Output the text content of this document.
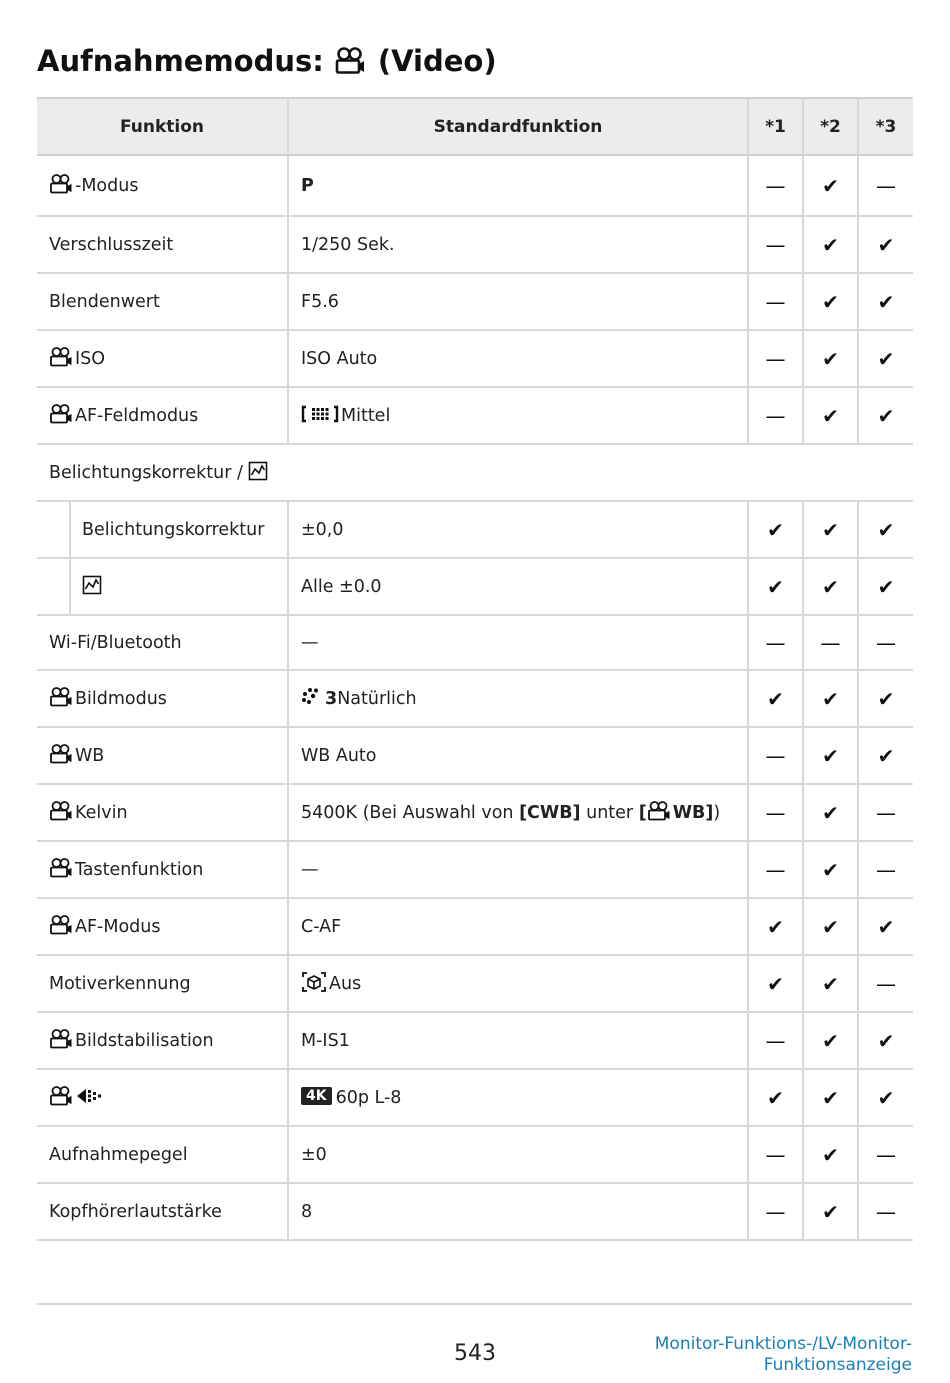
Aufnahmemodus: (Video)
Funktion	Standardfunktion	*1	*2	*3

-Modus	P	—	✔	—
Verschlusszeit	1/250 Sek.	—	✔	✔
Blendenwert	F5.6	—	✔	✔

ISO	ISO Auto	—	✔	✔

AF-Feldmodus	Mittel	—	✔	✔
Belichtungskorrektur /				

Belichtungskorrektur	±0,0	✔	✔	✔

	Alle ±0.0	✔	✔	✔
Wi-Fi/Bluetooth	—	—	—	—

Bildmodus	3Natürlich	✔	✔	✔

WB	WB Auto	—	✔	✔

Kelvin	5400K (Bei Auswahl von [CWB] unter [ WB])	—	✔	—

Tastenfunktion	—	—	✔	—

AF-Modus	C-AF	✔	✔	✔
Motiverkennung	Aus	✔	✔	—

Bildstabilisation	M-IS1	—	✔	✔

	4K 60p L-8	✔	✔	✔
Aufnahmepegel	±0	—	✔	—
Kopfhörerlautstärke	8	—	✔	—
543	Monitor-Funktions-/LV-Monitor-
Funktionsanzeige
